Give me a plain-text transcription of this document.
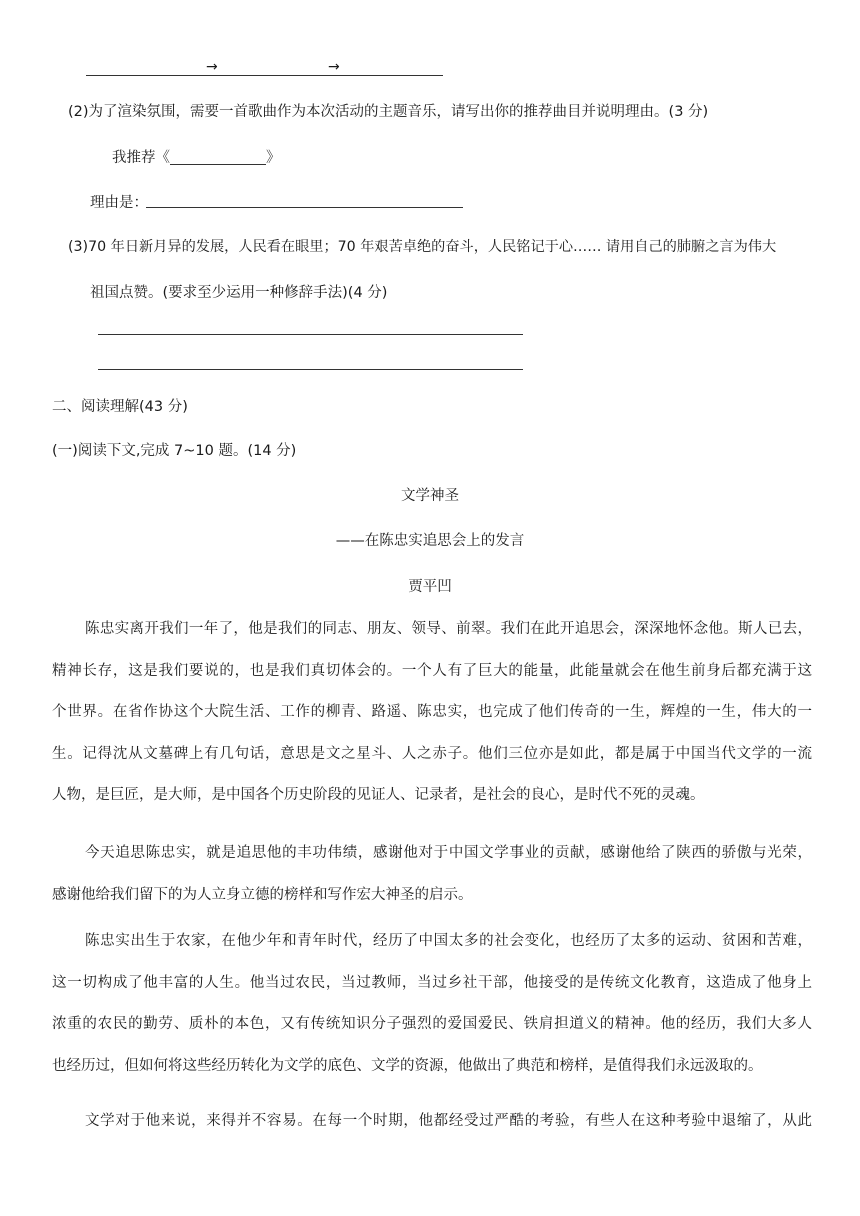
→	→
(2)为了渲染氛围，需要一首歌曲作为本次活动的主题音乐，请写出你的推荐曲目并说明理由。(3 分)
我推荐《	》
理由是：
(3)70 年日新月异的发展，人民看在眼里；70 年艰苦卓绝的奋斗，人民铭记于心…… 请用自己的肺腑之言为伟大
祖国点赞。(要求至少运用一种修辞手法)(4 分)
二、阅读理解(43 分)
(一)阅读下文,完成 7~10 题。(14 分)
文学神圣
——在陈忠实追思会上的发言
贾平凹
陈忠实离开我们一年了，他是我们的同志、朋友、领导、前翠。我们在此开追思会，深深地怀念他。斯人已去，
精神长存，这是我们要说的，也是我们真切体会的。一个人有了巨大的能量，此能量就会在他生前身后都充满于这
个世界。在省作协这个大院生活、工作的柳青、路遥、陈忠实，也完成了他们传奇的一生，辉煌的一生，伟大的一
生。记得沈从文墓碑上有几句话，意思是文之星斗、人之赤子。他们三位亦是如此，都是属于中国当代文学的一流
人物，是巨匠，是大师，是中国各个历史阶段的见证人、记录者，是社会的良心，是时代不死的灵魂。
今天追思陈忠实，就是追思他的丰功伟绩，感谢他对于中国文学事业的贡献，感谢他给了陕西的骄傲与光荣，
感谢他给我们留下的为人立身立德的榜样和写作宏大神圣的启示。
陈忠实出生于农家，在他少年和青年时代，经历了中国太多的社会变化，也经历了太多的运动、贫困和苦难，
这一切构成了他丰富的人生。他当过农民，当过教师，当过乡社干部，他接受的是传统文化教育，这造成了他身上
浓重的农民的勤劳、质朴的本色，又有传统知识分子强烈的爱国爱民、铁肩担道义的精神。他的经历，我们大多人
也经历过，但如何将这些经历转化为文学的底色、文学的资源，他做出了典范和榜样，是值得我们永远汲取的。
文学对于他来说，来得并不容易。在每一个时期，他都经受过严酷的考验，有些人在这种考验中退缩了，从此
